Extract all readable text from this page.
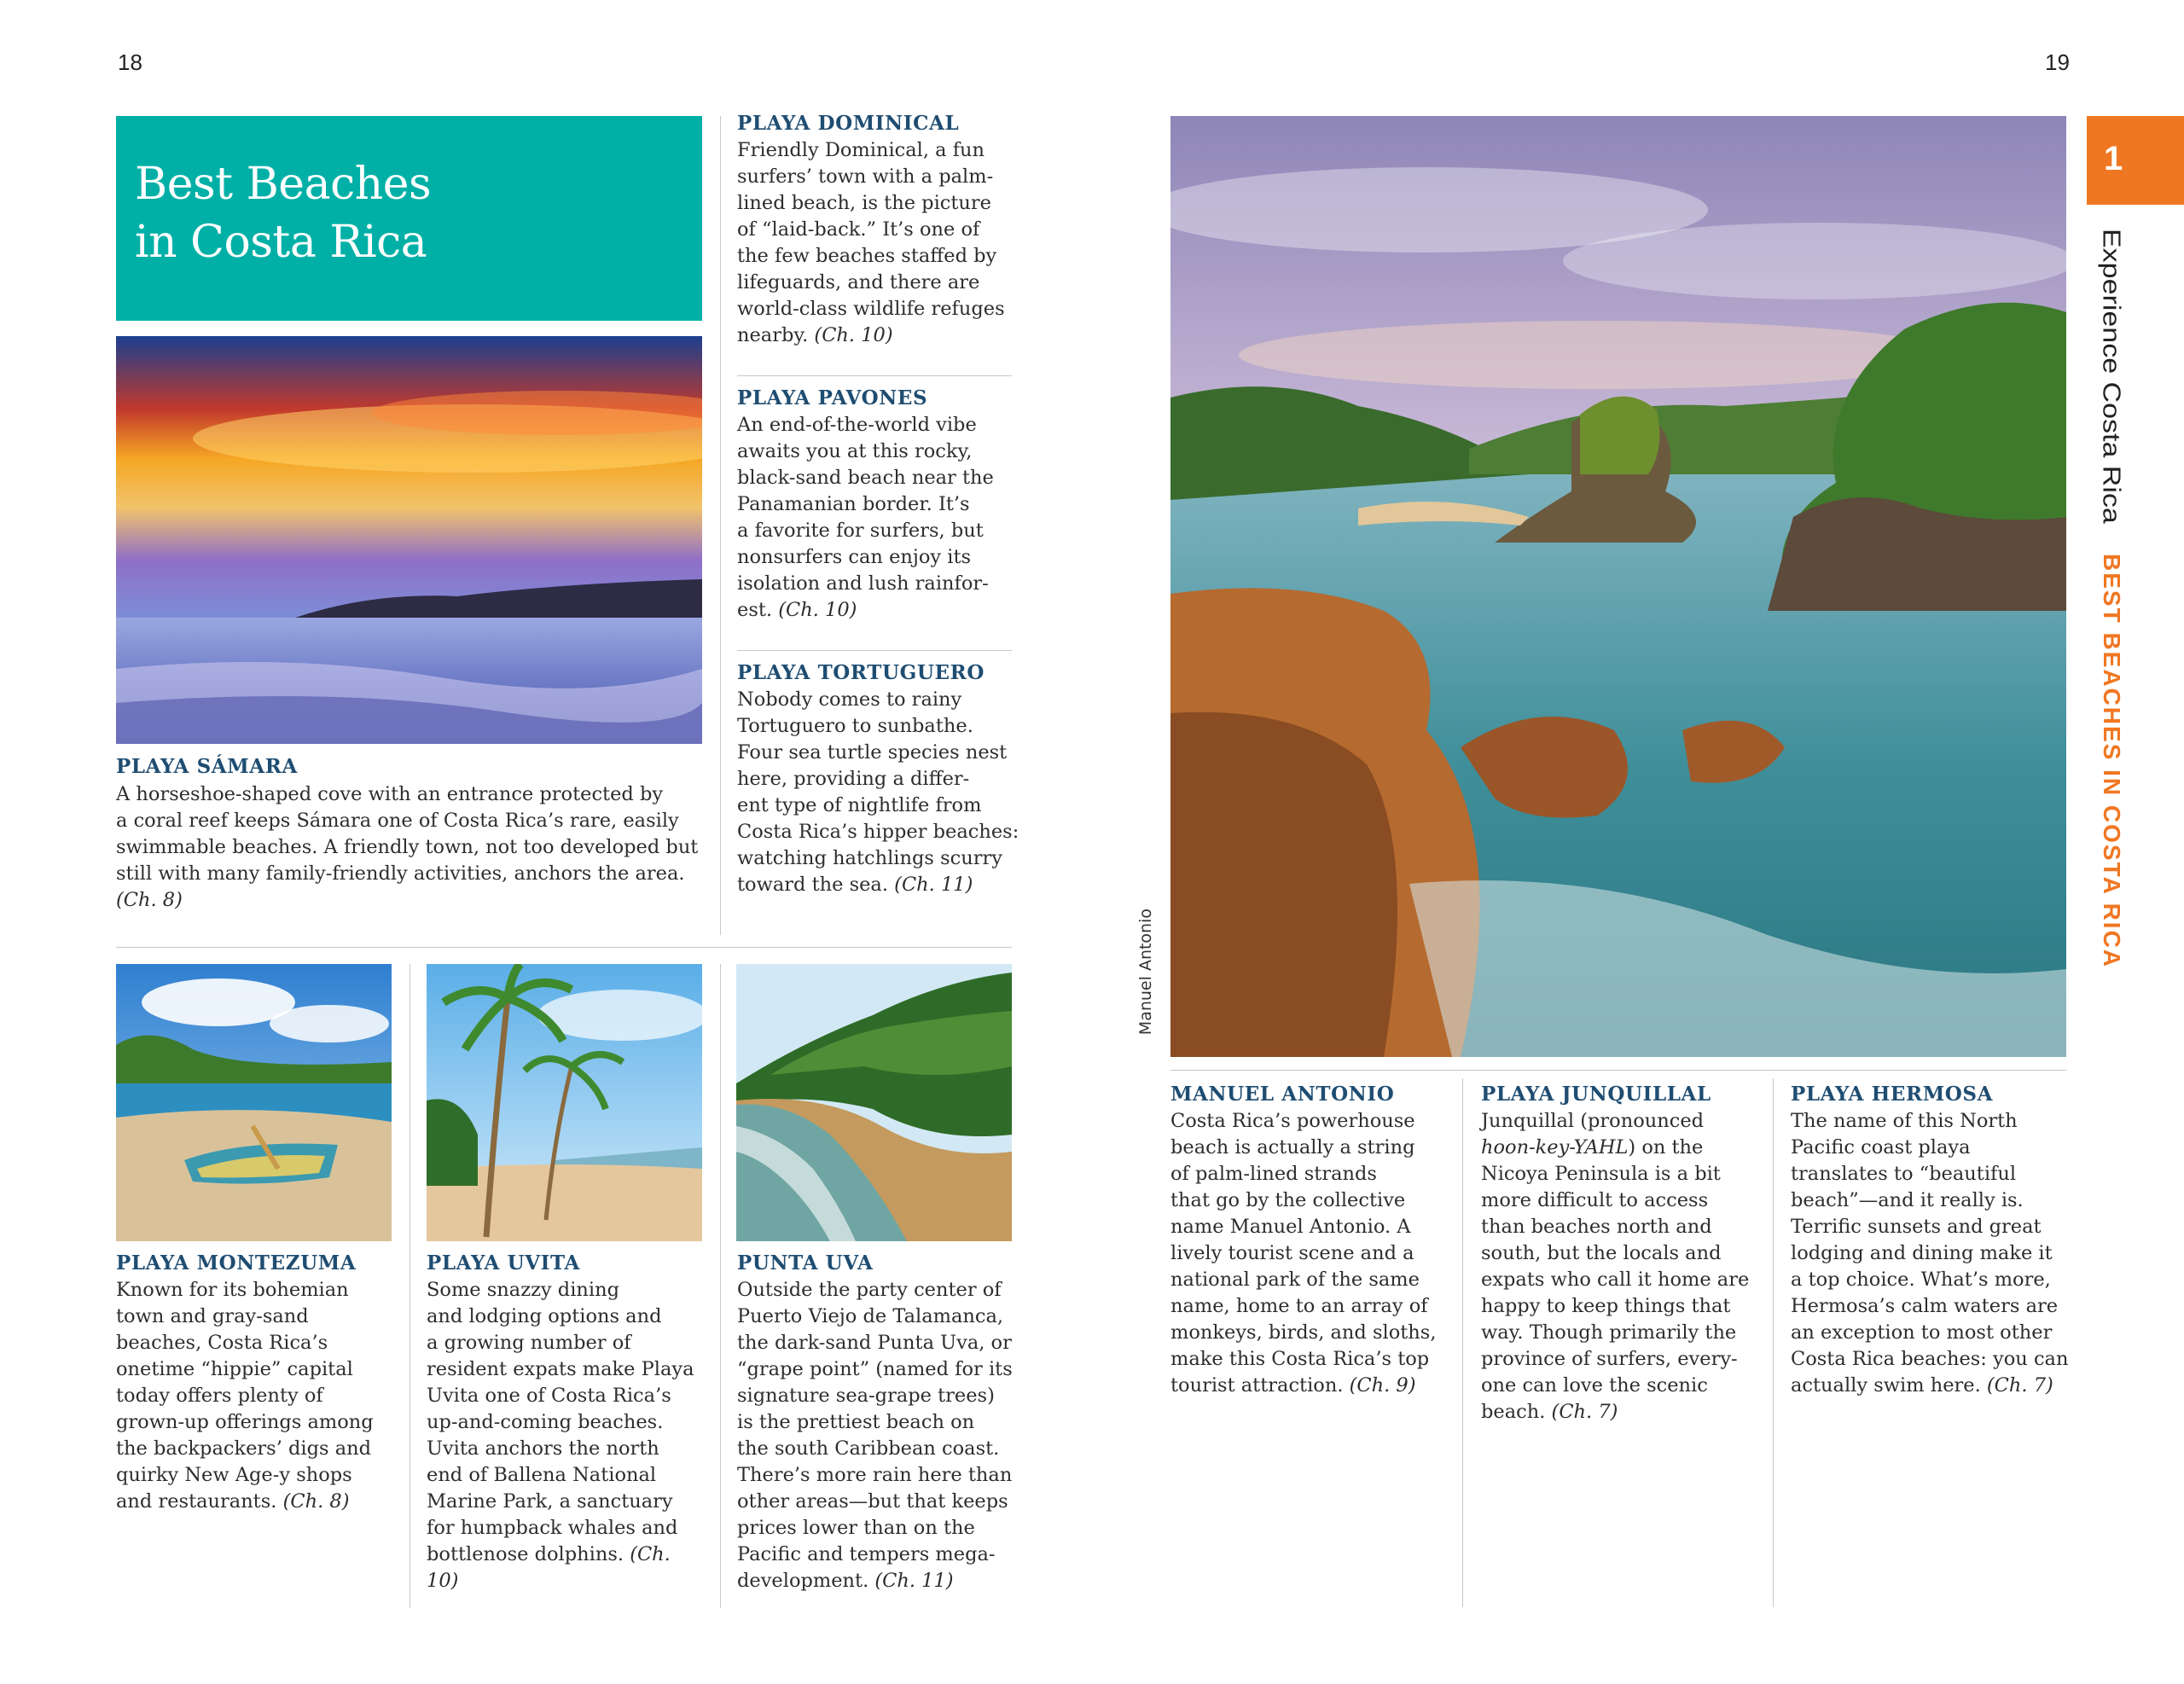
18	19
Best Beaches
in Costa Rica
PLAYA SÁMARA
A horseshoe-shaped cove with an entrance protected by
a coral reef keeps Sámara one of Costa Rica’s rare, easily
swimmable beaches. A friendly town, not too developed but
still with many family-friendly activities, anchors the area.
(Ch. 8)
PLAYA DOMINICAL
Friendly Dominical, a fun
surfers’ town with a palm-
lined beach, is the picture
of “laid-back.” It’s one of
the few beaches staffed by
lifeguards, and there are
world-class wildlife refuges
nearby. (Ch. 10)
PLAYA PAVONES
An end-of-the-world vibe
awaits you at this rocky,
black-sand beach near the
Panamanian border. It’s
a favorite for surfers, but
nonsurfers can enjoy its
isolation and lush rainfor-
est. (Ch. 10)
PLAYA TORTUGUERO
Nobody comes to rainy
Tortuguero to sunbathe.
Four sea turtle species nest
here, providing a differ-
ent type of nightlife from
Costa Rica’s hipper beaches:
watching hatchlings scurry
toward the sea. (Ch. 11)
PLAYA MONTEZUMA
Known for its bohemian
town and gray-sand
beaches, Costa Rica’s
onetime “hippie” capital
today offers plenty of
grown-up offerings among
the backpackers’ digs and
quirky New Age-y shops
and restaurants. (Ch. 8)
PLAYA UVITA
Some snazzy dining
and lodging options and
a growing number of
resident expats make Playa
Uvita one of Costa Rica’s
up-and-coming beaches.
Uvita anchors the north
end of Ballena National
Marine Park, a sanctuary
for humpback whales and
bottlenose dolphins. (Ch. 10)
PUNTA UVA
Outside the party center of
Puerto Viejo de Talamanca,
the dark-sand Punta Uva, or
“grape point” (named for its
signature sea-grape trees)
is the prettiest beach on
the south Caribbean coast.
There’s more rain here than
other areas—but that keeps
prices lower than on the
Pacific and tempers mega-
development. (Ch. 11)
Manuel Antonio
MANUEL ANTONIO
Costa Rica’s powerhouse
beach is actually a string
of palm-lined strands
that go by the collective
name Manuel Antonio. A
lively tourist scene and a
national park of the same
name, home to an array of
monkeys, birds, and sloths,
make this Costa Rica’s top
tourist attraction. (Ch. 9)
PLAYA JUNQUILLAL
Junquillal (pronounced
hoon-key-YAHL) on the
Nicoya Peninsula is a bit
more difficult to access
than beaches north and
south, but the locals and
expats who call it home are
happy to keep things that
way. Though primarily the
province of surfers, every-
one can love the scenic
beach. (Ch. 7)
PLAYA HERMOSA
The name of this North
Pacific coast playa
translates to “beautiful
beach”—and it really is.
Terrific sunsets and great
lodging and dining make it
a top choice. What’s more,
Hermosa’s calm waters are
an exception to most other
Costa Rica beaches: you can
actually swim here. (Ch. 7)
1
Experience Costa Rica BEST BEACHES IN COSTA RICA
